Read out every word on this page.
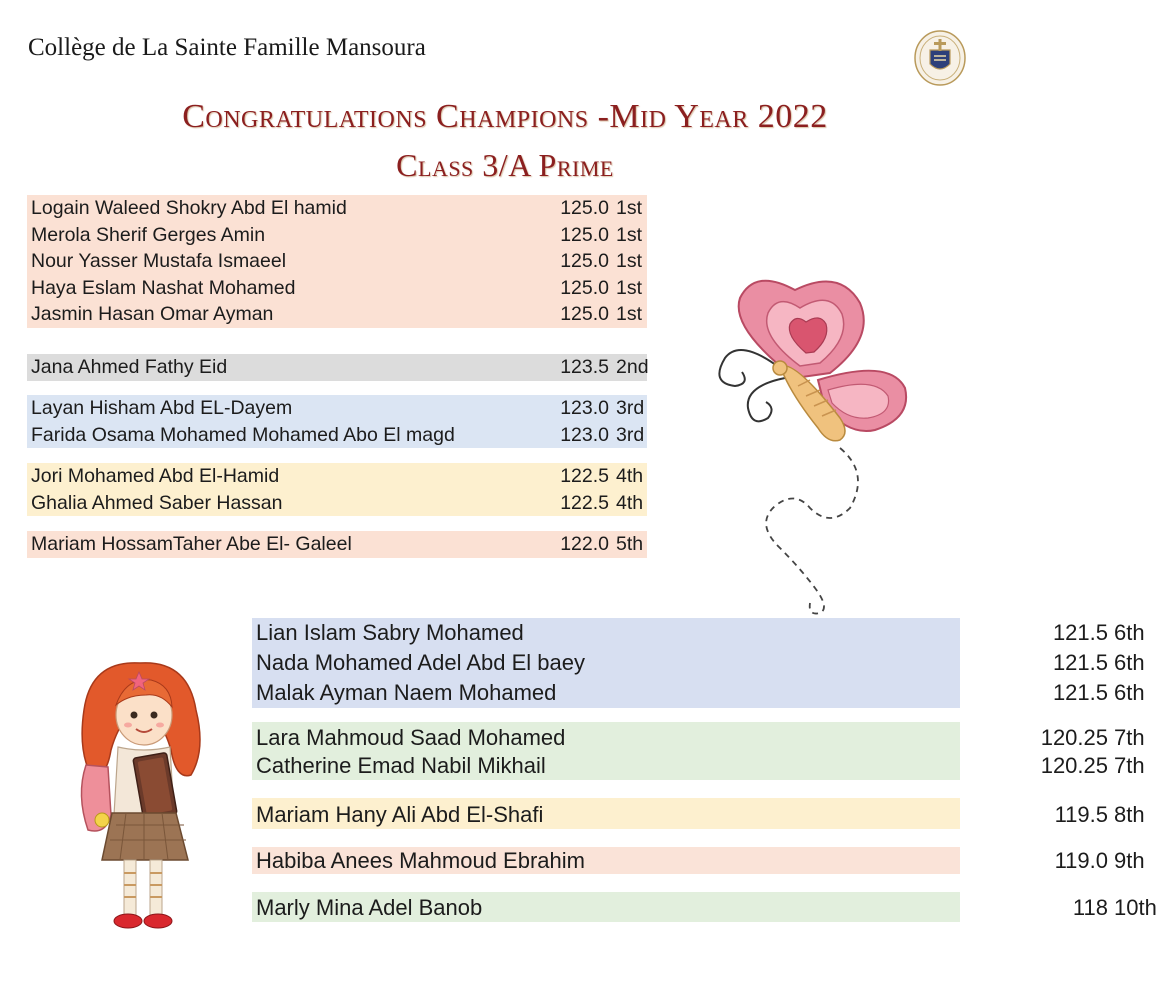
Collège de La Sainte Famille Mansoura
Congratulations Champions -Mid Year 2022
Class 3/A Prime
Logain Waleed Shokry Abd El hamid	125.0 1st
Merola Sherif Gerges Amin	125.0 1st
Nour Yasser Mustafa Ismaeel	125.0 1st
Haya Eslam Nashat Mohamed	125.0 1st
Jasmin Hasan Omar Ayman	125.0 1st
Jana Ahmed Fathy Eid	123.5 2nd
Layan Hisham Abd EL-Dayem	123.0 3rd
Farida Osama Mohamed Mohamed Abo El magd	123.0 3rd
Jori Mohamed Abd El-Hamid	122.5 4th
Ghalia Ahmed Saber Hassan	122.5 4th
Mariam HossamTaher Abe El- Galeel	122.0 5th
Lian Islam Sabry Mohamed	121.5 6th
Nada Mohamed Adel Abd El baey	121.5 6th
Malak Ayman Naem Mohamed	121.5 6th
Lara Mahmoud Saad Mohamed	120.25 7th
Catherine Emad Nabil Mikhail	120.25 7th
Mariam Hany Ali Abd El-Shafi	119.5 8th
Habiba Anees Mahmoud Ebrahim	119.0 9th
Marly Mina Adel Banob	118 10th
